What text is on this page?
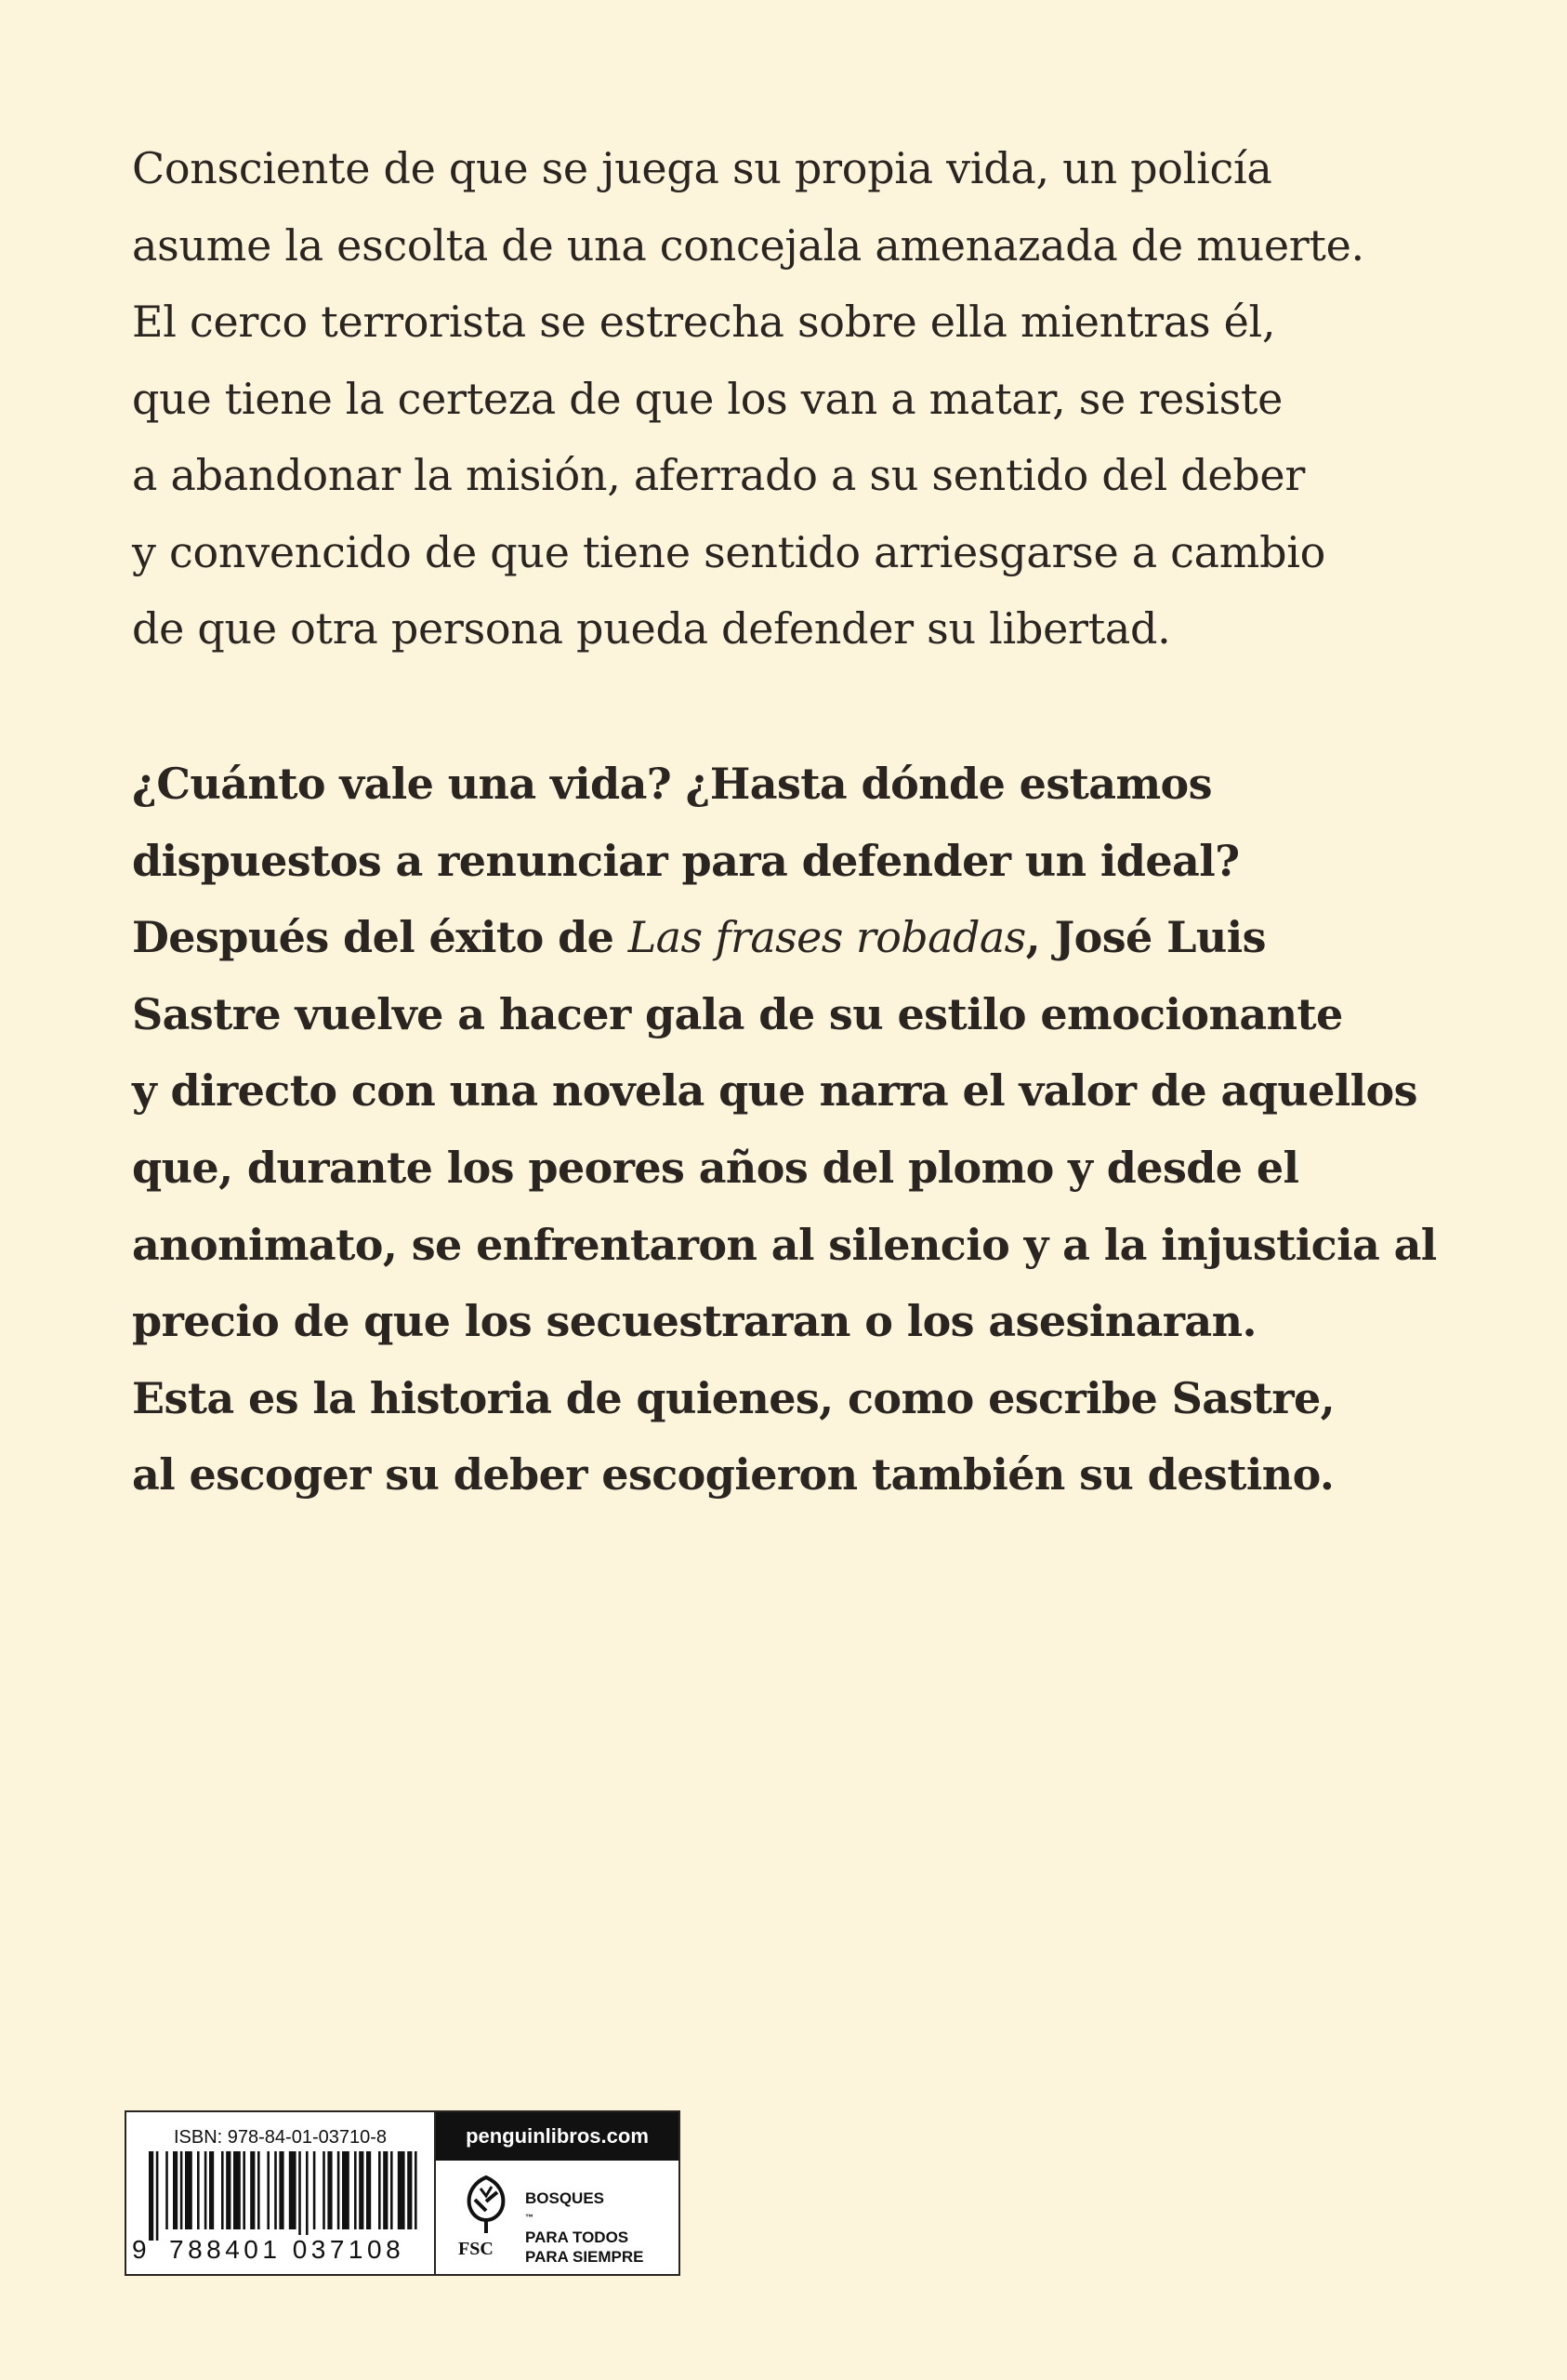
Consciente de que se juega su propia vida, un policía
asume la escolta de una concejala amenazada de muerte.
El cerco terrorista se estrecha sobre ella mientras él,
que tiene la certeza de que los van a matar, se resiste
a abandonar la misión, aferrado a su sentido del deber
y convencido de que tiene sentido arriesgarse a cambio
de que otra persona pueda defender su libertad.
¿Cuánto vale una vida? ¿Hasta dónde estamos
dispuestos a renunciar para defender un ideal?
Después del éxito de Las frases robadas, José Luis
Sastre vuelve a hacer gala de su estilo emocionante
y directo con una novela que narra el valor de aquellos
que, durante los peores años del plomo y desde el
anonimato, se enfrentaron al silencio y a la injusticia al
precio de que los secuestraran o los asesinaran.
Esta es la historia de quienes, como escribe Sastre,
al escoger su deber escogieron también su destino.
ISBN: 978-84-01-03710-8
9 788401 037108
penguinlibros.com
FSC
BOSQUES
™
PARA TODOS
PARA SIEMPRE
